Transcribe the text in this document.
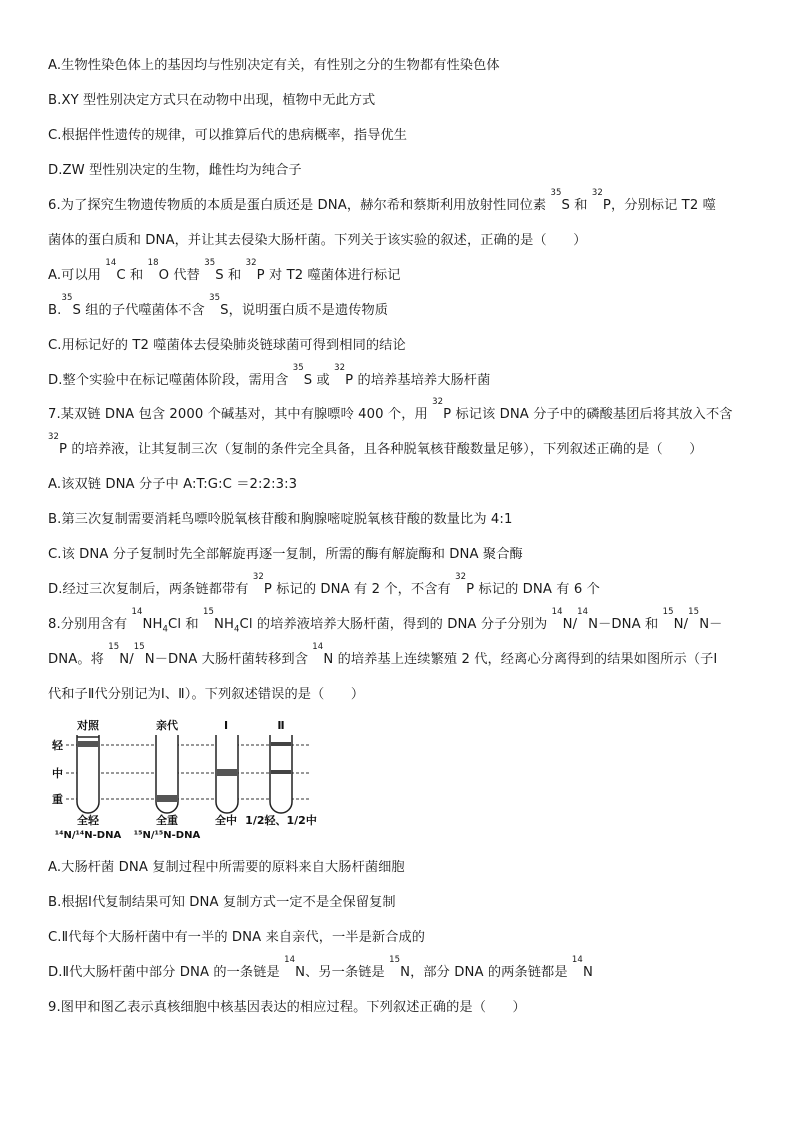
A.生物性染色体上的基因均与性别决定有关，有性别之分的生物都有性染色体
B.XY 型性别决定方式只在动物中出现，植物中无此方式
C.根据伴性遗传的规律，可以推算后代的患病概率，指导优生
D.ZW 型性别决定的生物，雌性均为纯合子
6.为了探究生物遗传物质的本质是蛋白质还是 DNA，赫尔希和蔡斯利用放射性同位素 $^{35}$S 和 $^{32}$P，分别标记 T2 噬
菌体的蛋白质和 DNA，并让其去侵染大肠杆菌。下列关于该实验的叙述，正确的是（　　）
A.可以用 $^{14}$C 和 $^{18}$O 代替 $^{35}$S 和 $^{32}$P 对 T2 噬菌体进行标记
B.$^{35}$S 组的子代噬菌体不含 $^{35}$S，说明蛋白质不是遗传物质
C.用标记好的 T2 噬菌体去侵染肺炎链球菌可得到相同的结论
D.整个实验中在标记噬菌体阶段，需用含 $^{35}$S 或 $^{32}$P 的培养基培养大肠杆菌
7.某双链 DNA 包含 2000 个碱基对，其中有腺嘌呤 400 个，用 $^{32}$P 标记该 DNA 分子中的磷酸基团后将其放入不含
$^{32}$P 的培养液，让其复制三次（复制的条件完全具备，且各种脱氧核苷酸数量足够），下列叙述正确的是（　　）
A.该双链 DNA 分子中 A:T:G:C ＝2:2:3:3
B.第三次复制需要消耗鸟嘌呤脱氧核苷酸和胸腺嘧啶脱氧核苷酸的数量比为 4:1
C.该 DNA 分子复制时先全部解旋再逐一复制，所需的酶有解旋酶和 DNA 聚合酶
D.经过三次复制后，两条链都带有 $^{32}$P 标记的 DNA 有 2 个，不含有 $^{32}$P 标记的 DNA 有 6 个
8.分别用含有 $^{14}NH_4Cl$ 和 $^{15}NH_4Cl$ 的培养液培养大肠杆菌，得到的 DNA 分子分别为 $^{14}$N/$^{14}$N－DNA 和 $^{15}$N/$^{15}$N－
DNA。将 $^{15}$N/$^{15}$N－DNA 大肠杆菌转移到含 $^{14}$N 的培养基上连续繁殖 2 代，经离心分离得到的结果如图所示（子Ⅰ
代和子Ⅱ代分别记为Ⅰ、Ⅱ）。下列叙述错误的是（　　）
对照	亲代	Ⅰ	Ⅱ
轻
中
重
全轻	全重	全中 1/2轻、1/2中
¹⁴N/¹⁴N-DNA ¹⁵N/¹⁵N-DNA
A.大肠杆菌 DNA 复制过程中所需要的原料来自大肠杆菌细胞
B.根据Ⅰ代复制结果可知 DNA 复制方式一定不是全保留复制
C.Ⅱ代每个大肠杆菌中有一半的 DNA 来自亲代，一半是新合成的
D.Ⅱ代大肠杆菌中部分 DNA 的一条链是 $^{14}$N、另一条链是 $^{15}$N，部分 DNA 的两条链都是 $^{14}$N
9.图甲和图乙表示真核细胞中核基因表达的相应过程。下列叙述正确的是（　　）
